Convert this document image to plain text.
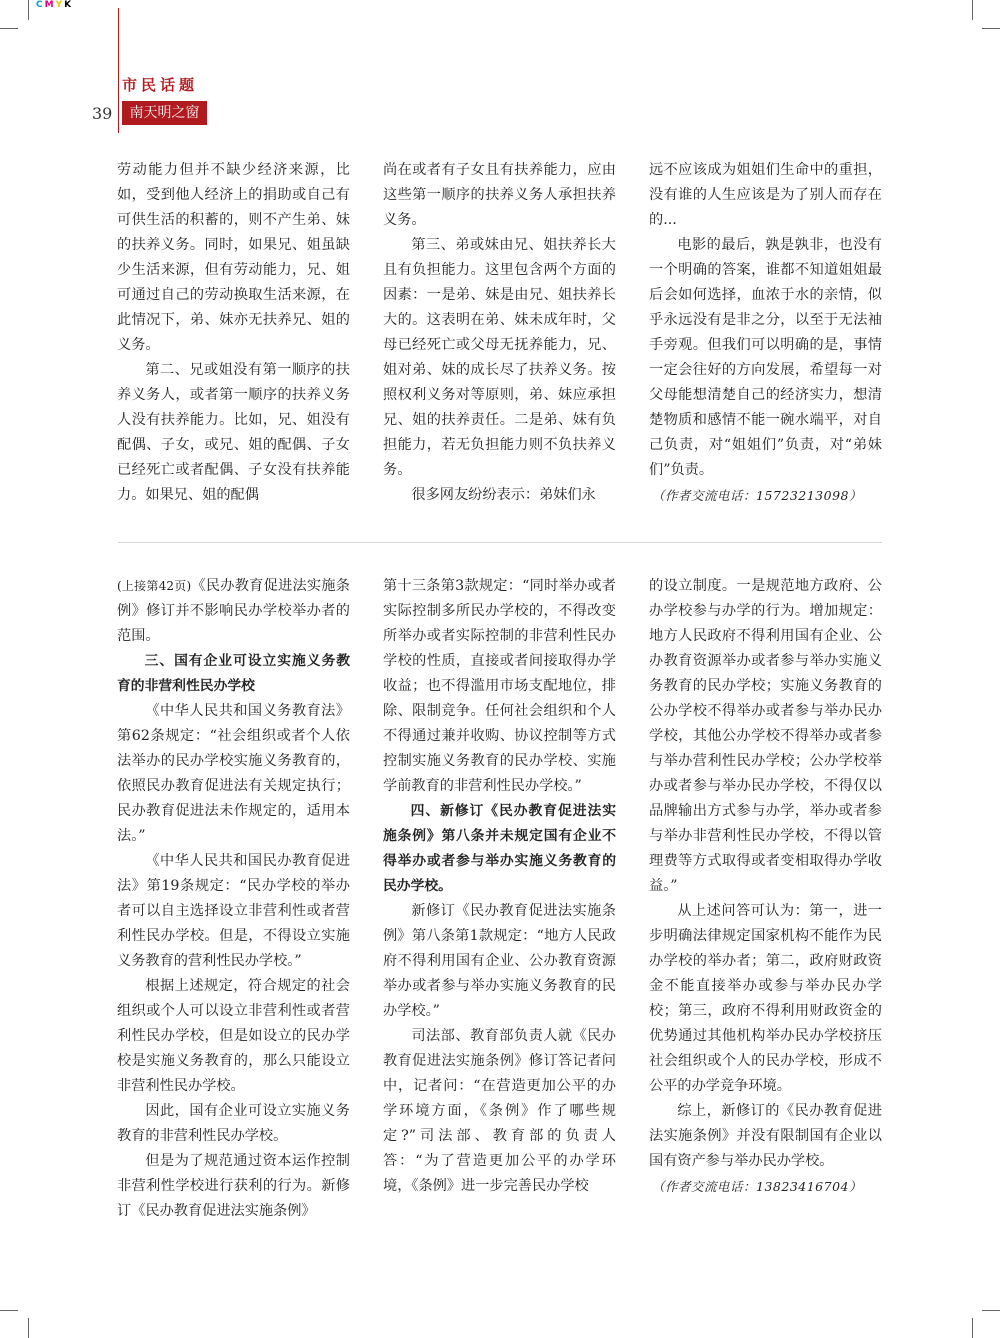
CMYK
市民话题
39	南天明之窗

劳动能力但并不缺少经济来源，比如，受到他人经济上的捐助或自己有可供生活的积蓄的，则不产生弟、妹的扶养义务。同时，如果兄、姐虽缺少生活来源，但有劳动能力，兄、姐可通过自己的劳动换取生活来源，在此情况下，弟、妹亦无扶养兄、姐的义务。

第二、兄或姐没有第一顺序的扶养义务人，或者第一顺序的扶养义务人没有扶养能力。比如，兄、姐没有配偶、子女，或兄、姐的配偶、子女已经死亡或者配偶、子女没有扶养能力。如果兄、姐的配偶

尚在或者有子女且有扶养能力，应由这些第一顺序的扶养义务人承担扶养义务。

第三、弟或妹由兄、姐扶养长大且有负担能力。这里包含两个方面的因素：一是弟、妹是由兄、姐扶养长大的。这表明在弟、妹未成年时，父母已经死亡或父母无抚养能力，兄、姐对弟、妹的成长尽了扶养义务。按照权利义务对等原则，弟、妹应承担兄、姐的扶养责任。二是弟、妹有负担能力，若无负担能力则不负扶养义务。

很多网友纷纷表示：弟妹们永

远不应该成为姐姐们生命中的重担，没有谁的人生应该是为了别人而存在的...

电影的最后，孰是孰非，也没有一个明确的答案，谁都不知道姐姐最后会如何选择，血浓于水的亲情，似乎永远没有是非之分，以至于无法袖手旁观。但我们可以明确的是，事情一定会往好的方向发展，希望每一对父母能想清楚自己的经济实力，想清楚物质和感情不能一碗水端平，对自己负责，对“姐姐们”负责，对“弟妹们”负责。

（作者交流电话：15723213098）

(上接第42页)《民办教育促进法实施条例》修订并不影响民办学校举办者的范围。

三、国有企业可设立实施义务教育的非营利性民办学校

《中华人民共和国义务教育法》第62条规定：“社会组织或者个人依法举办的民办学校实施义务教育的，依照民办教育促进法有关规定执行；民办教育促进法未作规定的，适用本法。”

《中华人民共和国民办教育促进法》第19条规定：“民办学校的举办者可以自主选择设立非营利性或者营利性民办学校。但是，不得设立实施义务教育的营利性民办学校。”

根据上述规定，符合规定的社会组织或个人可以设立非营利性或者营利性民办学校，但是如设立的民办学校是实施义务教育的，那么只能设立非营利性民办学校。

因此，国有企业可设立实施义务教育的非营利性民办学校。

但是为了规范通过资本运作控制非营利性学校进行获利的行为。新修订《民办教育促进法实施条例》

第十三条第3款规定：“同时举办或者实际控制多所民办学校的，不得改变所举办或者实际控制的非营利性民办学校的性质，直接或者间接取得办学收益；也不得滥用市场支配地位，排除、限制竞争。任何社会组织和个人不得通过兼并收购、协议控制等方式控制实施义务教育的民办学校、实施学前教育的非营利性民办学校。”

四、新修订《民办教育促进法实施条例》第八条并未规定国有企业不得举办或者参与举办实施义务教育的民办学校。

新修订《民办教育促进法实施条例》第八条第1款规定：“地方人民政府不得利用国有企业、公办教育资源举办或者参与举办实施义务教育的民办学校。”

司法部、教育部负责人就《民办教育促进法实施条例》修订答记者问中，记者问：“在营造更加公平的办学环境方面，《条例》作了哪些规定?”司法部、教育部的负责人答：“为了营造更加公平的办学环境，《条例》进一步完善民办学校

的设立制度。一是规范地方政府、公办学校参与办学的行为。增加规定：地方人民政府不得利用国有企业、公办教育资源举办或者参与举办实施义务教育的民办学校；实施义务教育的公办学校不得举办或者参与举办民办学校，其他公办学校不得举办或者参与举办营利性民办学校；公办学校举办或者参与举办民办学校，不得仅以品牌输出方式参与办学，举办或者参与举办非营利性民办学校，不得以管理费等方式取得或者变相取得办学收益。”

从上述问答可认为：第一，进一步明确法律规定国家机构不能作为民办学校的举办者；第二，政府财政资金不能直接举办或参与举办民办学校；第三，政府不得利用财政资金的优势通过其他机构举办民办学校挤压社会组织或个人的民办学校，形成不公平的办学竞争环境。

综上，新修订的《民办教育促进法实施条例》并没有限制国有企业以国有资产参与举办民办学校。

（作者交流电话：13823416704）
